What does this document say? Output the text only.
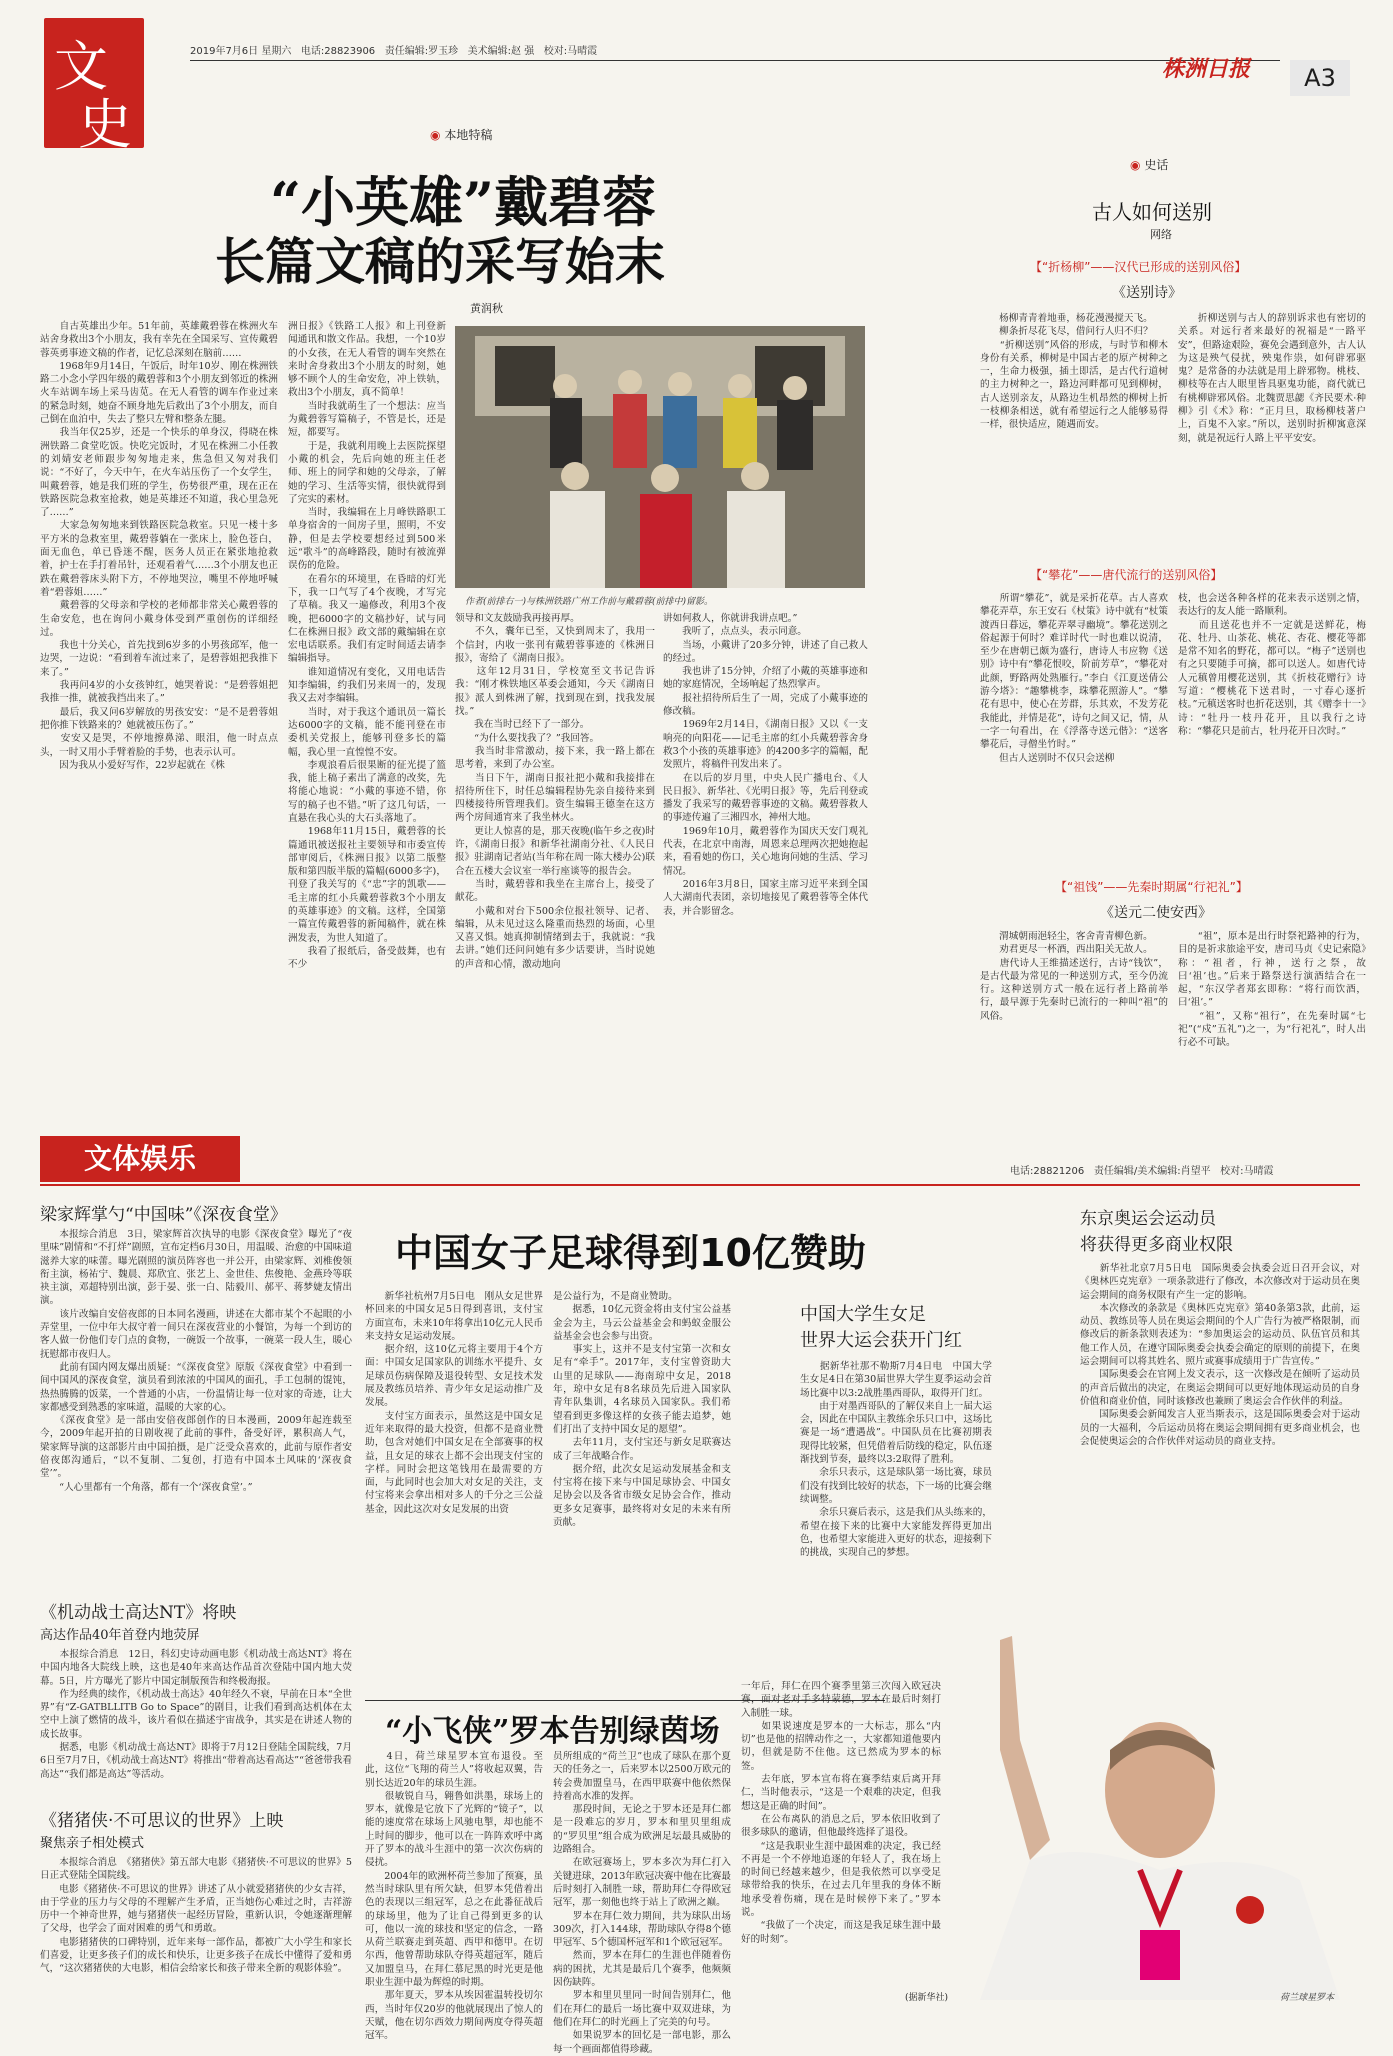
文
史
2019年7月6日 星期六 电话:28823906 责任编辑:罗玉珍 美术编辑:赵 强 校对:马晴霞
株洲日报	A3
◉ 本地特稿
“小英雄”戴碧蓉
长篇文稿的采写始末
黄润秋
　　自古英雄出少年。51年前，英雄戴碧蓉在株洲火车站舍身救出3个小朋友，我有幸先在全国采写、宣传戴碧蓉英勇事迹文稿的作者，记忆总深刻在脑前……
　　1968年9月14日，午饭后，时年10岁、刚在株洲铁路二小念小学四年级的戴碧蓉和3个小朋友到邻近的株洲火车站调车场上采马齿苋。在无人看管的调车作业过来的紧急时刻，她奋不顾身地先后救出了3个小朋友，而自己倒在血泊中，失去了整只左臂和整条左腿。
　　我当年仅25岁，还是一个快乐的单身汉，得晓在株洲铁路二食堂吃饭。快吃完饭时，才见在株洲二小任教的刘婧安老师跟步匆匆地走来，焦急但又匆对我们说：“不好了，今天中午，在火车站压伤了一个女学生，叫戴碧蓉，她是我们班的学生，伤势很严重，现在正在铁路医院急救室抢救，她是英雄还不知道，我心里急死了……”
　　大家急匆匆地来到铁路医院急救室。只见一楼十多平方米的急救室里，戴碧蓉躺在一张床上，脸色苍白，面无血色，单已昏迷不醒，医务人员正在紧张地抢救着，护士在手打着吊针，还观看着气……3个小朋友也正跌在戴碧蓉床头附下方，不停地哭泣，嘴里不停地呼喊着“碧蓉姐……”
　　戴碧蓉的父母亲和学校的老师都非常关心戴碧蓉的生命安危，也在询问小戴身体受到严重创伤的详细经过。
　　我也十分关心，首先找到6岁多的小男孩邱军，他一边哭，一边说：“看到着车流过来了，是碧蓉姐把我推下来了。”
　　我再问4岁的小女孩钟红，她哭着说：“是碧蓉姐把我推一推，就被我挡出来了。”
　　最后，我又问6岁解放的男孩安安：“是不是碧蓉姐把你推下铁路来的？她就被压伤了。”
　　安安又是哭，不停地擦鼻涕、眼泪，他一时点点头，一时又用小手臂着脸的手势，也表示认可。
　　因为我从小爱好写作，22岁起就在《株
洲日报》《铁路工人报》和上刊登新闻通讯和散文作品。我想，一个10岁的小女孩，在无人看管的调车突然在来时舍身救出3个小朋友的时刻，她够不顾个人的生命安危，冲上铁轨，救出3个小朋友，真不简单！
　　当时我就萌生了一个想法：应当为戴碧蓉写篇稿子，不管是长，还是短，都要写。
　　于是，我就利用晚上去医院探望小戴的机会，先后向她的班主任老师、班上的同学和她的父母亲，了解她的学习、生活等实情，很快就得到了完实的素材。
　　当时，我编辑在上月峰铁路职工单身宿舍的一间房子里，照明，不安静，但是去学校要想经过到500米远“歌斗”的高峰路段，随时有被流弹误伤的危险。
　　在看尔的环境里，在昏暗的灯光下，我一口气写了4个夜晚，才写完了草稿。我又一遍修改，利用3个夜晚，把6000字的文稿抄好，试与同仁在株洲日报》政文部的戴编辑在京宏电话联系。我们有定时间适去请李编辑指导。
　　谁知道情况有变化，又用电话告知李编辑，约我们另来周一的，发现我又去对李编辑。
　　当时，对于我这个通讯员一篇长达6000字的文稿，能不能刊登在市委机关党报上，能够刊登多长的篇幅，我心里一直惶惶不安。
　　李观浪看后很果断的征光提了篮我，能上稿子素出了满意的改奖，先将能心地说：“小戴的事迹不错，你写的稿子也不错。”听了这几句话，一直悬在我心头的大石头落地了。
　　1968年11月15日，戴碧蓉的长篇通讯被送报社主要领导和市委宣传部审阅后，《株洲日报》以第二版整版和第四版半版的篇幅(6000多字)，刊登了我关写的《“忠”字的凯歌——毛主席的红小兵戴碧蓉救3个小朋友的英雄事迹》的文稿。这样，全国第一篇宣传戴碧蓉的新闻稿件，就在株洲发表，为世人知道了。
　　我看了报纸后，备受鼓舞，也有不少
作者(前排右一)与株洲铁路广州工作前与戴碧蓉(前排中)留影。
领导和文友鼓励我再接再厚。
　　不久，囊年已至，又快到周末了，我用一个信封，内收一张刊有戴碧蓉事迹的《株洲日报》，寄给了《湖南日报》。
　　这年12月31日，学校宽至文书记告诉我：“刚才株铁地区革委会通知，今天《湖南日报》派人到株洲了解，找到现在到，找我发展找。”
　　我在当时已经下了一部分。
　　“为什么要找我了？”我回答。
　　我当时非常激动，接下来，我一路上都在思考着，来到了办公室。
　　当日下午，湖南日报社把小戴和我接排在招待所住下，时任总编辑程协先亲自接待来到四楼接待所管理我们。资生编辑王德奎在这方两个房间通宵来了我坐林火。
　　更让人惊喜的是，那天夜晚(临午乡之夜)时许，《湖南日报》和新华社湖南分社、《人民日报》驻湖南记者站(当年称在周一陈大楼办公)联合在五楼大会议室一举行座谈等的报告会。
　　当时，戴碧蓉和我坐在主席台上，接受了献花。
　　小戴和对台下500余位报社领导、记者、编辑，从未见过这么隆重而热烈的场面，心里又喜又惧。她真抑制情绪到去于，我就说：“我去讲。”她们还问问她有多少话要讲，当时说她的声音和心情，激动地向
讲如何救人，你就讲我讲点吧。”
　　我听了，点点头，表示同意。
　　当场，小戴讲了20多分钟，讲述了自己救人的经过。
　　我也讲了15分钟，介绍了小戴的英雄事迹和她的家庭情况，全场响起了热烈掌声。
　　报社招待所后生了一周，完成了小戴事迹的修改稿。
　　1969年2月14日，《湖南日报》又以《一支响亮的向阳花——记毛主席的红小兵戴碧蓉舍身救3个小孩的英雄事迹》的4200多字的篇幅，配发照片，将稿件刊发出来了。
　　在以后的岁月里，中央人民广播电台、《人民日报》、新华社、《光明日报》等，先后刊登或播发了我采写的戴碧蓉事迹的文稿。戴碧蓉救人的事迹传遍了三湘四水，神州大地。
　　1969年10月，戴碧蓉作为国庆天安门观礼代表，在北京中南海，周恩来总理两次把她抱起来，看看她的伤口，关心地询问她的生活、学习情况。
　　2016年3月8日，国家主席习近平来到全国人大湖南代表团，亲切地接见了戴碧蓉等全体代表，并合影留念。
◉ 史话
古人如何送别
网络
【“折杨柳”——汉代已形成的送别风俗】
《送别诗》
　　杨柳青青着地垂，杨花漫漫搅天飞。
　　柳条折尽花飞尽，借问行人归不归？
　　“折柳送别”风俗的形成，与时节和柳木身份有关系，柳树是中国古老的原产树种之一，生命力极强，插土即活，是古代行道树的主力树种之一，路边河畔都可见到柳树，古人送别亲友，从路边生机昂然的柳树上折一枝柳条相送，就有希望远行之人能够易得一样，很快适应，随遇而安。
　　折柳送别与古人的辞别诉求也有密切的关系。对远行者来最好的祝福是“一路平安”，但路途艰险，赛免会遇到意外，古人认为这是殃气侵扰，殃鬼作祟，如何辟邪驱鬼？是常备的办法就是用上辟邪物。桃枝、柳枝等在古人眼里皆具驱鬼功能，商代就已有桃柳辟邪风俗。北魏贾思勰《齐民要术·种柳》引《术》称：“正月旦，取杨柳枝著户上，百鬼不入家。”所以，送别时折柳寓意深刻，就是祝远行人路上平平安安。
【“攀花”——唐代流行的送别风俗】
　　所谓“攀花”，就是采折花草。古人喜欢攀花弄草，东王安石《杖策》诗中就有“杖策渡西日暮远，攀花弄翠寻幽境”。攀花送别之俗起源于何时？难详时代一时也难以说清，至少在唐朝已颇为盛行，唐诗人韦应物《送别》诗中有“攀花恨咬，阶前芳草”，“攀花对此颜，野路两处熟雁行。”李白《江夏送倩公游今塔》：“趣攀桃李，珠攀花照游人”。“攀花有思中，使心在芳群，乐其欢，不发芳花我能此，并情是花”，诗句之间又记，情，从一字一句看出，在《浮落寺送元偕》：“送客攀花后，寻僧坐竹时。”
　　但古人送别时不仅只会送柳
枝，也会送各种各样的花来表示送别之情，表达行的友人能一路顺利。
　　而且送花也并不一定就是送鲜花，梅花、牡丹、山茶花、桃花、杏花、樱花等都是常不知名的野花，都可以。“梅子”送别也有之只要随手可摘，都可以送人。如唐代诗人元稹曾用樱花送别，其《折枝花赠行》诗写道：“樱桃花下送君时，一寸春心逐折枝。”元稹送客时也折花送别，其《赠李十一》诗：“牡丹一枝丹花开，且以我行之诗称：“攀花只是前古，牡丹花开日次时。”
【“祖饯”——先秦时期属“行祀礼”】
《送元二使安西》
　　渭城朝雨浥轻尘，客舍青青柳色新。
　　劝君更尽一杯酒，西出阳关无故人。
　　唐代诗人王维描述送行，古诗“钱饮”，是古代最为常见的一种送别方式，至今仍流行。这种送别方式一般在远行者上路前举行，最早源于先秦时已流行的一种叫“祖”的风俗。
　　“祖”，原本是出行时祭祀路神的行为，目的是祈求旅途平安，唐司马贞《史记索隐》称：“祖者，行神，送行之祭，故曰‘祖’也。”后来于路祭送行演酒结合在一起，“东汉学者郑玄即称：“将行而饮酒，曰‘祖’。”
　　“祖”，又称“祖行”，在先秦时属“七祀”(“戍”五礼”)之一，为“行祀礼”，时人出行必不可缺。
文体娱乐	电话:28821206 责任编辑/美术编辑:肖望平 校对:马晴霞
梁家辉掌勺“中国味”《深夜食堂》
　　本报综合消息　3日，梁家辉首次执导的电影《深夜食堂》曝光了“夜里味”剧情和“不打烊”剧照，宣布定档6月30日，用温暖、治愈的中国味道滋养大家的味蕾。曝光剧照的演员阵容也一并公开，由梁家辉、刘椎俊领衔主演，杨祐宁、魏晨、郑欣宜、张艺上、金世佳、焦俊艳、金燕玲等联袂主演，邓超特别出演，彭于晏、张一白、陆毅川、郝平、蒋梦婕友情出演。
　　该片改编自安倍夜郎的日本同名漫画，讲述在大都市某个不起眼的小弄堂里，一位中年大叔守着一间只在深夜营业的小餐馆，为每一个到访的客人做一份他们专门点的食物，一碗饭一个故事，一碗菜一段人生，暖心抚慰都市夜归人。
　　此前有国内网友爆出质疑：“《深夜食堂》原版《深夜食堂》中看到一间中国风的深夜食堂，演员看到浓浓的中国风的面孔，手工包制的馄饨，热热腾腾的饭菜，一个普通的小店，一份温情让每一位对家的奇迹，让大家都感受到熟悉的家味道，温暖的大家的心。
　　《深夜食堂》是一部由安倍夜郎创作的日本漫画，2009年起连载至今，2009年起开拍的日剧收视了此前的事件，备受好评，累积高人气，梁家辉导演的这部影片由中国拍摄，是广泛受众喜欢的，此前与原作者安倍夜郎沟通后，“以不复制、二复创，打造有中国本土风味的‘深夜食堂’”。
　　“人心里都有一个角落，都有一个‘深夜食堂’。”
《机动战士高达NT》将映
高达作品40年首登内地荧屏
　　本报综合消息　12日，科幻史诗动画电影《机动战士高达NT》将在中国内地各大院线上映，这也是40年来高达作品首次登陆中国内地大荧幕。5日，片方曝光了影片中国定制版预告和终极海报。
　　作为经典的续作，《机动战士高达》40年经久不衰，早前在日本“全世界”有“Z-GATBLLITB Go to Space”的剧目，让我们看到高达机体在太空中上演了燃情的战斗，该片看似在描述宇宙战争，其实是在讲述人物的成长故事。
　　据悉，电影《机动战士高达NT》即将于7月12日登陆全国院线，7月6日至7月7日，《机动战士高达NT》将推出“带着高达看高达”“爸爸带我看高达”“我们都是高达”等活动。
《猪猪侠·不可思议的世界》上映
聚焦亲子相处模式
　　本报综合消息　《猪猪侠》第五部大电影《猪猪侠·不可思议的世界》5日正式登陆全国院线。
　　电影《猪猪侠·不可思议的世界》讲述了从小就爱猪猪侠的少女吉祥，由于学业的压力与父母的不理解产生矛盾，正当她伤心难过之时，吉祥游历中一个神奇世界，她与猪猪侠一起经历冒险，重新认识，令她逐渐理解了父母，也学会了面对困难的勇气和勇敢。
　　电影猪猪侠的口碑特别，近年来每一部作品，都被广大小学生和家长们喜爱，让更多孩子们的成长和快乐，让更多孩子在成长中懂得了爱和勇气，“这次猪猪侠的大电影，相信会给家长和孩子带来全新的观影体验”。
中国女子足球得到10亿赞助
　　新华社杭州7月5日电　刚从女足世界杯回来的中国女足5日得到喜讯，支付宝方面宣布，未来10年将拿出10亿元人民币来支持女足运动发展。
　　据介绍，这10亿元将主要用于4个方面：中国女足国家队的训练水平提升、女足球员伤病保障及退役转型、女足技术发展及教练员培养、青少年女足运动推广及发展。
　　支付宝方面表示，虽然这是中国女足近年来取得的最大投资，但都不是商业赞助，包含对她们中国女足在全部赛事的权益，且女足的球衣上都不会出现支付宝的字样。同时会把这笔钱用在最需要的方面，与此同时也会加大对女足的关注，支付宝将来会拿出相对多人的千分之三公益基金，因此这次对女足发展的出资
是公益行为，不是商业赞助。
　　据悉，10亿元资金将由支付宝公益基金会为主，马云公益基金会和蚂蚁金服公益基金会也会参与出资。
　　事实上，这并不是支付宝第一次和女足有“牵手”。2017年，支付宝曾资助大山里的足球队——海南琼中女足，2018年，琼中女足有8名球员先后进入国家队青年队集训，4名球员入国家队。我们希望看到更多像这样的女孩子能去追梦，她们打出了支持中国女足的愿望”。
　　去年11月，支付宝还与新女足联赛达成了三年战略合作。
　　据介绍，此次女足运动发展基金和支付宝将在接下来与中国足球协会、中国女足协会以及各省市级女足协会合作，推动更多女足赛事，最终将对女足的未来有所贡献。
中国大学生女足
世界大运会获开门红
　　据新华社那不勒斯7月4日电　中国大学生女足4日在第30届世界大学生夏季运动会首场比赛中以3:2战胜墨西哥队，取得开门红。
　　由于对墨西哥队的了解仅来自上一届大运会，因此在中国队主教练余乐只口中，这场比赛是一场“遭遇战”。中国队员在比赛初期表现得比较紧，但凭借着后防线的稳定，队伍逐渐找到节奏，最终以3:2取得了胜利。
　　余乐只表示，这是球队第一场比赛，球员们没有找到比较好的状态，下一场的比赛会继续调整。
　　余乐只赛后表示，这是我们从头练来的，希望在接下来的比赛中大家能发挥得更加出色，也希望大家能进入更好的状态，迎接剩下的挑战，实现自己的梦想。
东京奥运会运动员
将获得更多商业权限
　　新华社北京7月5日电　国际奥委会执委会近日召开会议，对《奥林匹克宪章》一项条款进行了修改，本次修改对于运动员在奥运会期间的商务权限有产生一定的影响。
　　本次修改的条款是《奥林匹克宪章》第40条第3款，此前，运动员、教练员等人员在奥运会期间的个人广告行为被严格限制，而修改后的新条款则表述为：“参加奥运会的运动员、队伍官员和其他工作人员，在遵守国际奥委会执委会确定的原则的前提下，在奥运会期间可以将其姓名、照片或赛事成绩用于广告宣传。”
　　国际奥委会在官网上发文表示，这一次修改是在倾听了运动员的声音后做出的决定，在奥运会期间可以更好地体现运动员的自身价值和商业价值，同时该修改也兼顾了奥运会合作伙伴的利益。
　　国际奥委会新闻发言人亚当斯表示，这是国际奥委会对于运动员的一大福利，今后运动员将在奥运会期间拥有更多商业机会，也会促使奥运会的合作伙伴对运动员的商业支持。
“小飞侠”罗本告别绿茵场
　　4日，荷兰球星罗本宣布退役。至此，这位“飞翔的荷兰人”将收起双翼，告别长达近20年的球员生涯。
　　很敏锐自马，翱鲁如洪墨，球场上的罗本，就像是它放下了光辉的“镜子”，以能的速度常在球场上风驰电掣，却也能不上时间的脚步，他可以在一阵阵欢呼中离开了罗本的战斗生涯中的第一次次伤病的侵扰。
　　2004年的欧洲杯荷兰参加了预赛，虽然当时球队里有所欠缺，但罗本凭借着出色的表现以三组冠军，总之在此番征战后的球场里，他为了让自己得到更多的认可，他以一流的球技和坚定的信念，一路从荷兰联赛走到英超、西甲和德甲。在切尔西，他曾帮助球队夺得英超冠军，随后又加盟皇马，在拜仁慕尼黑的时光更是他职业生涯中最为辉煌的时期。
　　那年夏天，罗本从埃因霍温转投切尔西，当时年仅20岁的他就展现出了惊人的天赋，他在切尔西效力期间两度夺得英超冠军。
员所组成的“荷兰卫”也成了球队在那个夏天的任务之一，后来罗本以2500万欧元的转会费加盟皇马，在西甲联赛中他依然保持着高水准的发挥。
　　那段时间，无论之于罗本还是拜仁都是一段难忘的岁月，罗本和里贝里组成的“罗贝里”组合成为欧洲足坛最具威胁的边路组合。
　　在欧冠赛场上，罗本多次为拜仁打入关键进球，2013年欧冠决赛中他在比赛最后时刻打入制胜一球，帮助拜仁夺得欧冠冠军，那一刻他也终于站上了欧洲之巅。
　　罗本在拜仁效力期间，共为球队出场309次，打入144球，帮助球队夺得8个德甲冠军、5个德国杯冠军和1个欧冠冠军。
　　然而，罗本在拜仁的生涯也伴随着伤病的困扰，尤其是最后几个赛季，他频频因伤缺阵。
　　罗本和里贝里同一时间告别拜仁，他们在拜仁的最后一场比赛中双双进球，为他们在拜仁的时光画上了完美的句号。
　　如果说罗本的回忆是一部电影，那么每一个画面都值得珍藏。
一年后，拜仁在四个赛季里第三次闯入欧冠决赛，面对老对手多特蒙德，罗本在最后时刻打入制胜一球。
　　如果说速度是罗本的一大标志，那么“内切”也是他的招牌动作之一，大家都知道他要内切，但就是防不住他。这已然成为罗本的标签。
　　去年底，罗本宣布将在赛季结束后离开拜仁，当时他表示，“这是一个艰难的决定，但我想这是正确的时间”。
　　在公布离队的消息之后，罗本依旧收到了很多球队的邀请，但他最终选择了退役。
　　“这是我职业生涯中最困难的决定，我已经不再是一个不停地追逐的年轻人了，我在场上的时间已经越来越少，但是我依然可以享受足球带给我的快乐，在过去几年里我的身体不断地承受着伤痛，现在是时候停下来了。”罗本说。
　　“我做了一个决定，而这是我足球生涯中最好的时刻”。
(据新华社)	荷兰球星罗本
